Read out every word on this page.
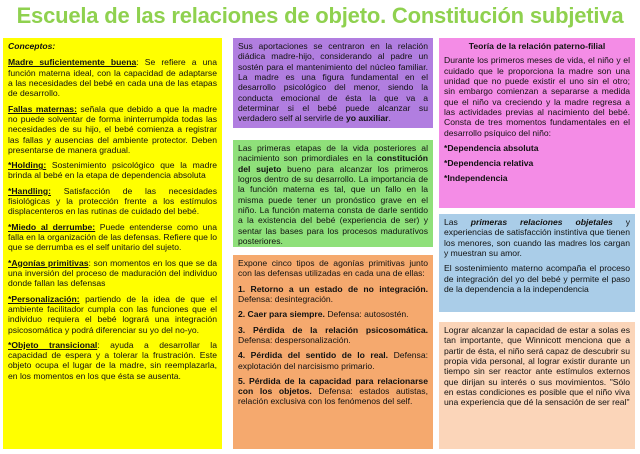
Escuela de las relaciones de objeto. Constitución subjetiva

Conceptos:

Madre suficientemente buena: Se refiere a una función materna ideal, con la capacidad de adaptarse a las necesidades del bebé en cada una de las etapas de desarrollo.

Fallas maternas: señala que debido a que la madre no puede solventar de forma ininterrumpida todas las necesidades de su hijo, el bebé comienza a registrar las fallas y ausencias del ambiente protector. Deben presentarse de manera gradual.

*Holding: Sostenimiento psicológico que la madre brinda al bebé en la etapa de dependencia absoluta

*Handling: Satisfacción de las necesidades fisiológicas y la protección frente a los estímulos displacenteros en las rutinas de cuidado del bebé.

*Miedo al derrumbe: Puede entenderse como una falla en la organización de las defensas. Refiere que lo que se derrumba es el self unitario del sujeto.

*Agonías primitivas: son momentos en los que se da una inversión del proceso de maduración del individuo donde fallan las defensas

*Personalización: partiendo de la idea de que el ambiente facilitador cumpla con las funciones que el individuo requiera el bebé logrará una integración psicosomática y podrá diferenciar su yo del no-yo.

*Objeto transicional: ayuda a desarrollar la capacidad de espera y a tolerar la frustración. Este objeto ocupa el lugar de la madre, sin reemplazarla, en los momentos en los que ésta se ausenta.

Sus aportaciones se centraron en la relación diádica madre-hijo, considerando al padre un sostén para el mantenimiento del núcleo familiar. La madre es una figura fundamental en el desarrollo psicológico del menor, siendo la conducta emocional de ésta la que va a determinar si el bebé puede alcanzar su verdadero self al servirle de yo auxiliar.

Las primeras etapas de la vida posteriores al nacimiento son primordiales en la constitución del sujeto bueno para alcanzar los primeros logros dentro de su desarrollo. La importancia de la función materna es tal, que un fallo en la misma puede tener un pronóstico grave en el niño. La función materna consta de darle sentido a la existencia del bebé (experiencia de ser) y sentar las bases para los procesos maduratívos posteriores.

Expone cinco tipos de agonías primitivas junto con las defensas utilizadas en cada una de ellas:

1. Retorno a un estado de no integración. Defensa: desintegración.

2. Caer para siempre. Defensa: autosostén.

3. Pérdida de la relación psicosomática. Defensa: despersonalización.

4. Pérdida del sentido de lo real. Defensa: explotación del narcisismo primario.

5. Pérdida de la capacidad para relacionarse con los objetos. Defensa: estados autistas, relación exclusiva con los fenómenos del self.

Teoría de la relación paterno-filial

Durante los primeros meses de vida, el niño y el cuidado que le proporciona la madre son una unidad que no puede existir el uno sin el otro; sin embargo comienzan a separarse a medida que el niño va creciendo y la madre regresa a las actividades previas al nacimiento del bebé. Consta de tres momentos fundamentales en el desarrollo psíquico del niño:

*Dependencia absoluta

*Dependencia relativa

*Independencia

Las primeras relaciones objetales y experiencias de satisfacción instintiva que tienen los menores, son cuando las madres los cargan y muestran su amor.

El sostenimiento materno acompaña el proceso de integración del yo del bebé y permite el paso de la dependencia a la independencia

Lograr alcanzar la capacidad de estar a solas es tan importante, que Winnicott menciona que a partir de ésta, el niño será capaz de descubrir su propia vida personal, al lograr existir durante un tiempo sin ser reactor ante estímulos externos que dirijan su interés o sus movimientos. "Sólo en estas condiciones es posible que el niño viva una experiencia que dé la sensación de ser real"
